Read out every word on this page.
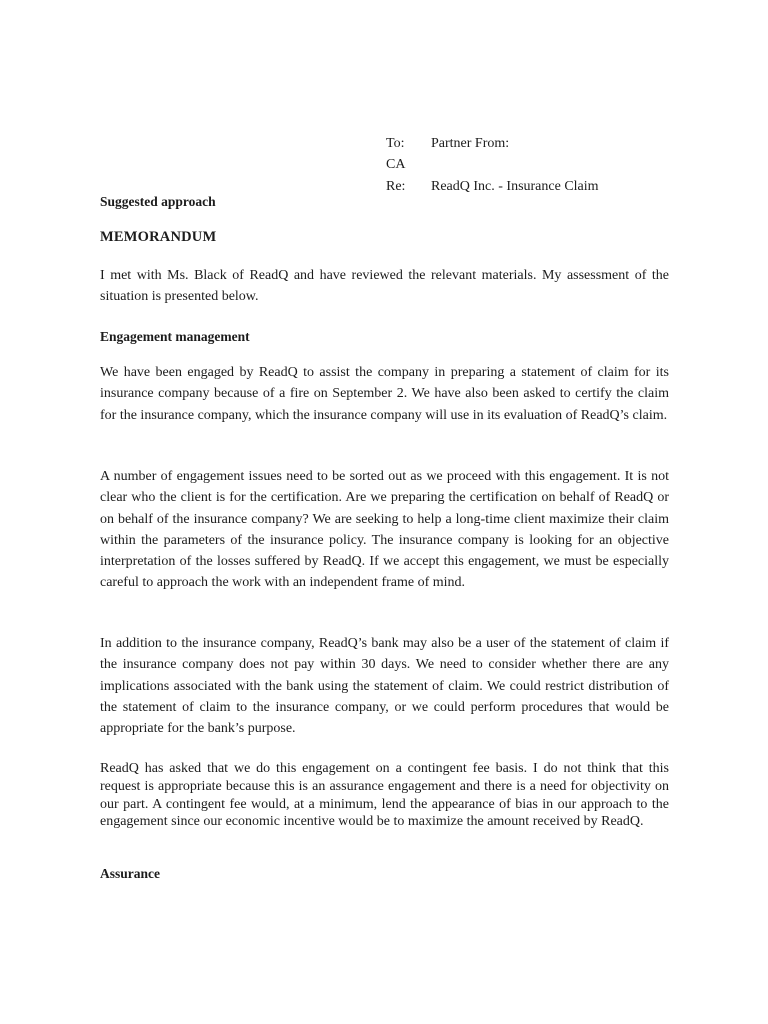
To: Partner From:
CA
Re: ReadQ Inc. - Insurance Claim
Suggested approach
MEMORANDUM

I met with Ms. Black of ReadQ and have reviewed the relevant materials. My assessment of the situation is presented below.

Engagement management

We have been engaged by ReadQ to assist the company in preparing a statement of claim for its insurance company because of a fire on September 2. We have also been asked to certify the claim for the insurance company, which the insurance company will use in its evaluation of ReadQ’s claim.

A number of engagement issues need to be sorted out as we proceed with this engagement. It is not clear who the client is for the certification. Are we preparing the certification on behalf of ReadQ or on behalf of the insurance company? We are seeking to help a long-time client maximize their claim within the parameters of the insurance policy. The insurance company is looking for an objective interpretation of the losses suffered by ReadQ. If we accept this engagement, we must be especially careful to approach the work with an independent frame of mind.

In addition to the insurance company, ReadQ’s bank may also be a user of the statement of claim if the insurance company does not pay within 30 days. We need to consider whether there are any implications associated with the bank using the statement of claim. We could restrict distribution of the statement of claim to the insurance company, or we could perform procedures that would be appropriate for the bank’s purpose.

ReadQ has asked that we do this engagement on a contingent fee basis. I do not think that this request is appropriate because this is an assurance engagement and there is a need for objectivity on our part. A contingent fee would, at a minimum, lend the appearance of bias in our approach to the engagement since our economic incentive would be to maximize the amount received by ReadQ.

Assurance
